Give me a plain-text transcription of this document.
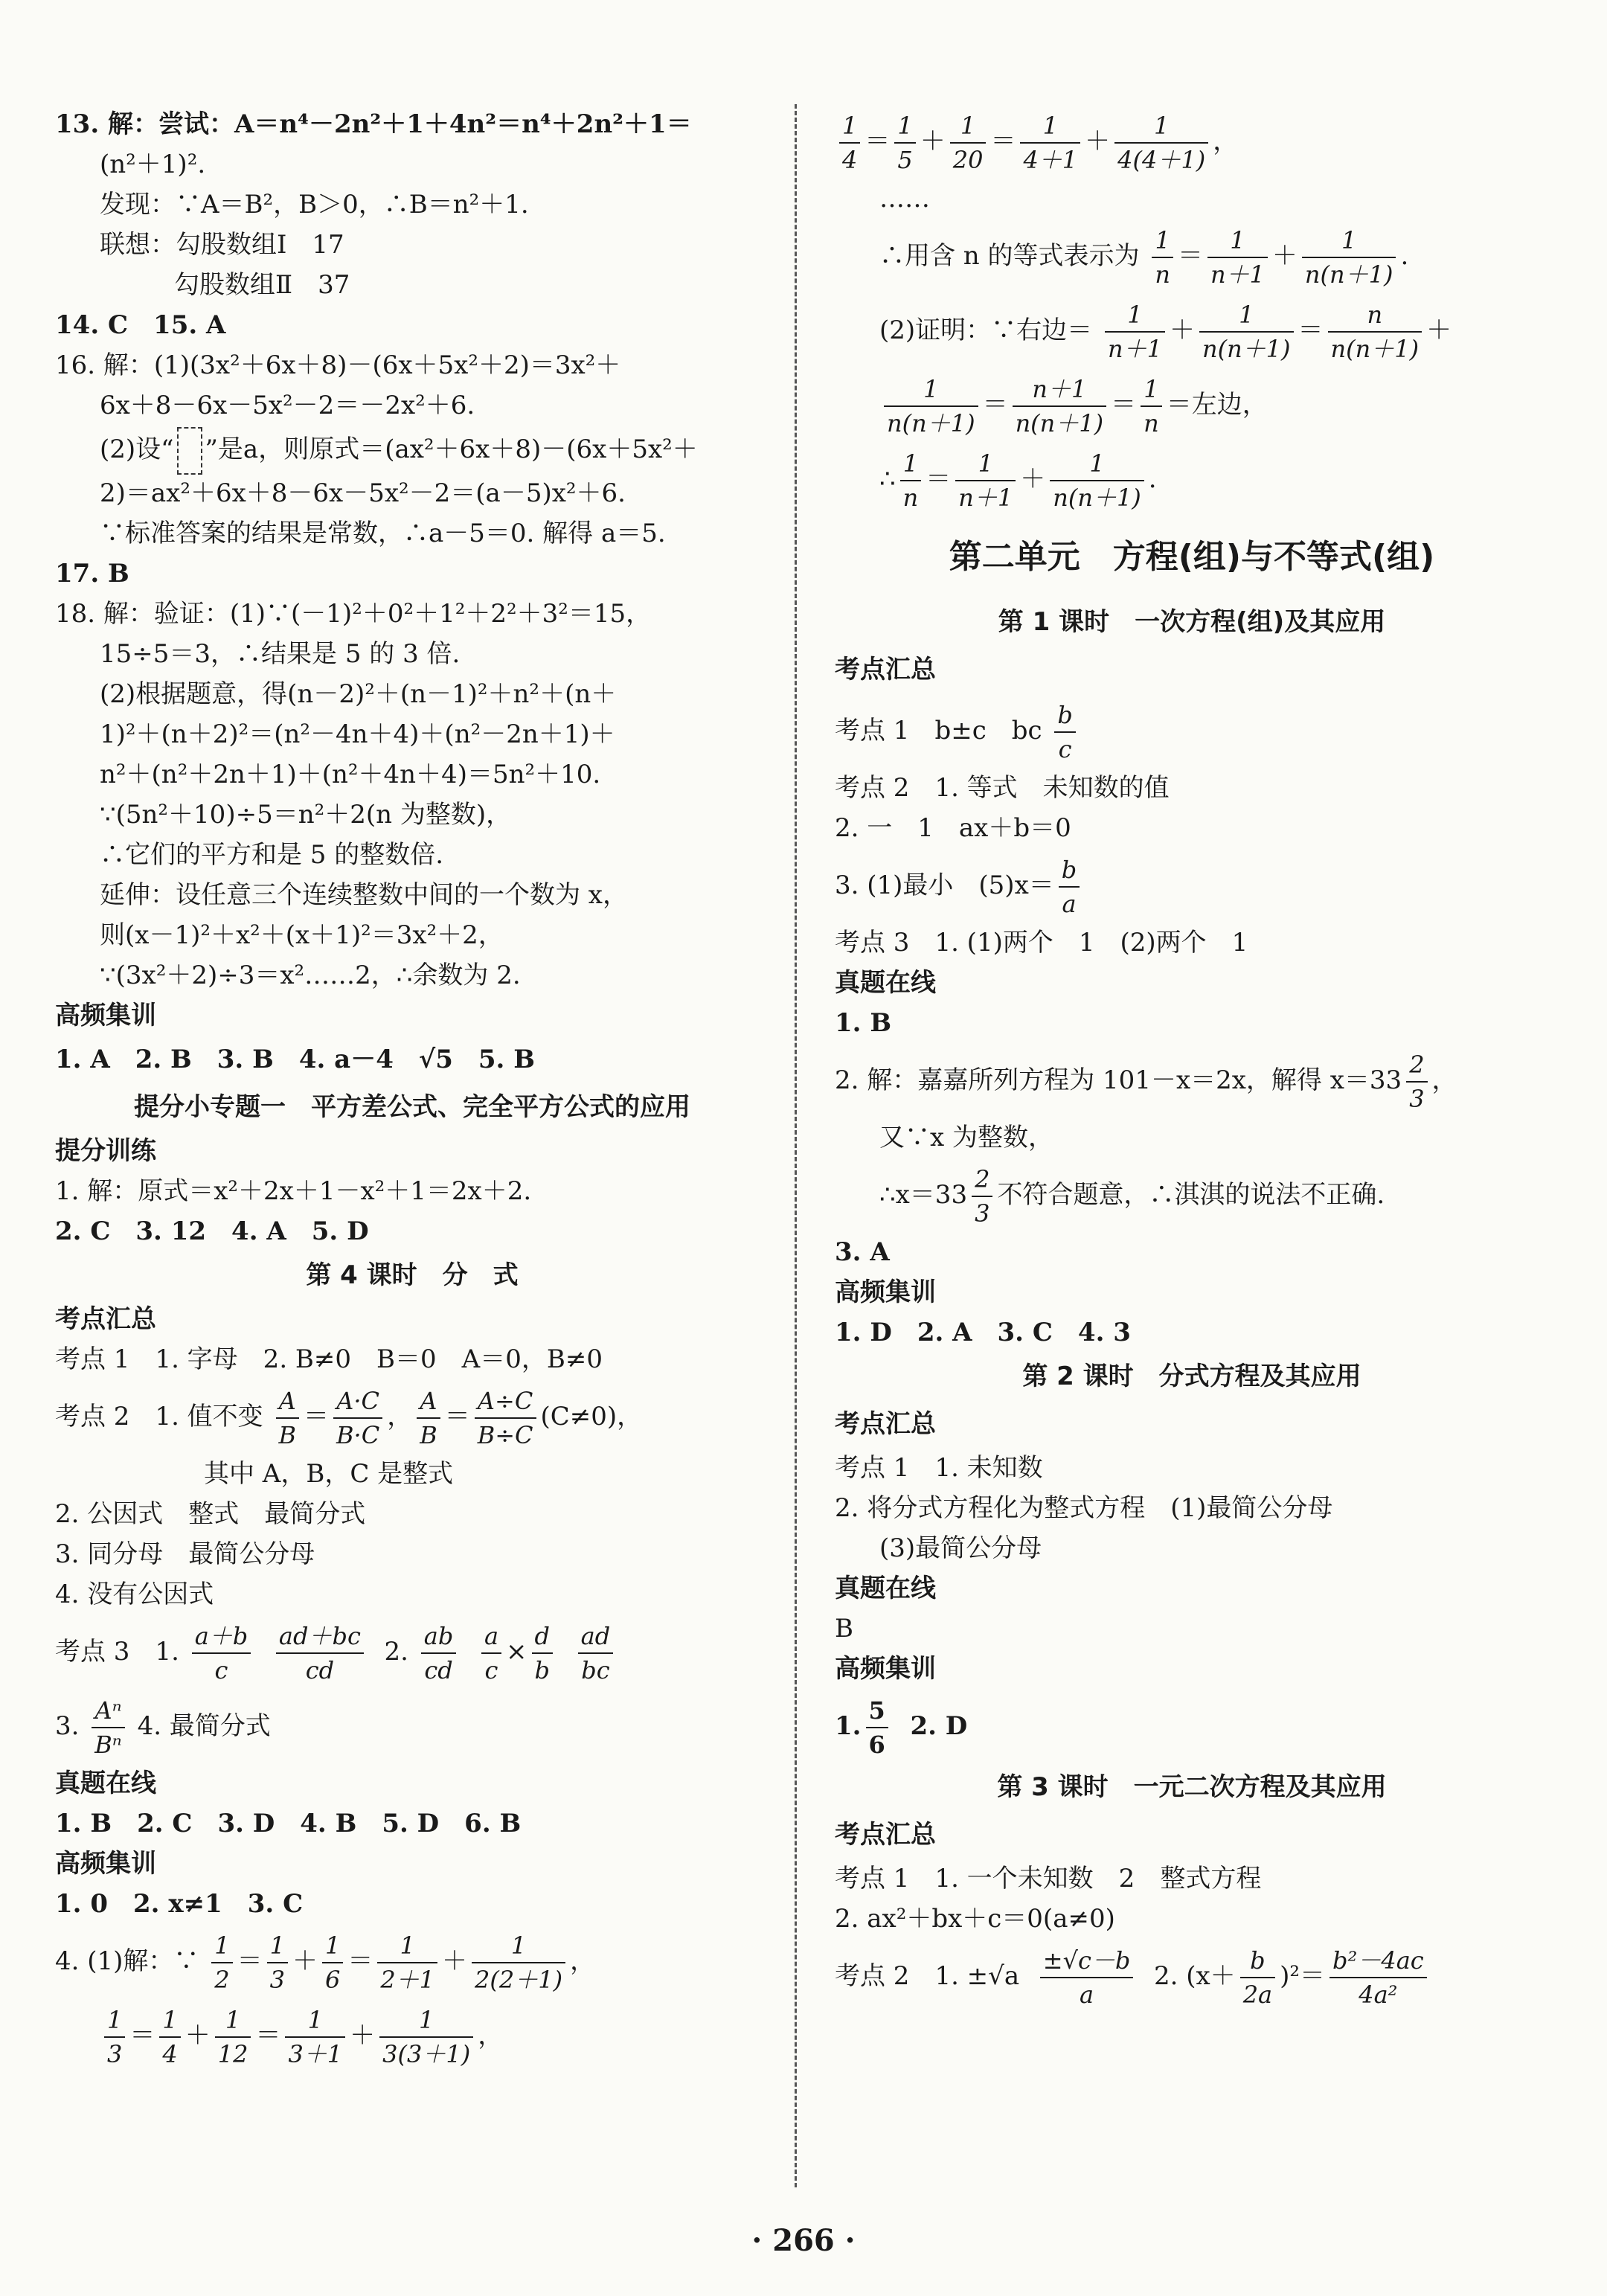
13. 解：尝试：A＝n⁴－2n²＋1＋4n²＝n⁴＋2n²＋1＝
(n²＋1)².
发现：∵A＝B²，B＞0，∴B＝n²＋1.
联想：勾股数组Ⅰ　17
勾股数组Ⅱ　37
14. C　15. A
16. 解：(1)(3x²＋6x＋8)－(6x＋5x²＋2)＝3x²＋
6x＋8－6x－5x²－2＝－2x²＋6.
(2)设“ ”是a，则原式＝(ax²＋6x＋8)－(6x＋5x²＋
2)＝ax²＋6x＋8－6x－5x²－2＝(a－5)x²＋6.
∵标准答案的结果是常数，∴a－5＝0. 解得 a＝5.
17. B
18. 解：验证：(1)∵(－1)²＋0²＋1²＋2²＋3²＝15，
15÷5＝3，∴结果是 5 的 3 倍.
(2)根据题意，得(n－2)²＋(n－1)²＋n²＋(n＋
1)²＋(n＋2)²＝(n²－4n＋4)＋(n²－2n＋1)＋
n²＋(n²＋2n＋1)＋(n²＋4n＋4)＝5n²＋10.
∵(5n²＋10)÷5＝n²＋2(n 为整数)，
∴它们的平方和是 5 的整数倍.
延伸：设任意三个连续整数中间的一个数为 x，
则(x－1)²＋x²＋(x＋1)²＝3x²＋2，
∵(3x²＋2)÷3＝x²……2，∴余数为 2.
高频集训
1. A　2. B　3. B　4. a－4　√5　5. B
提分小专题一　平方差公式、完全平方公式的应用
提分训练
1. 解：原式＝x²＋2x＋1－x²＋1＝2x＋2.
2. C　3. 12　4. A　5. D
第 4 课时　分　式
考点汇总
考点 1　1. 字母　2. B≠0　B＝0　A＝0，B≠0
考点 2　1. 值不变 $\frac{A}{B} = \frac{A\cdot C}{B\cdot C}$ ， $\frac{A}{B} = \frac{A\div C}{B\div C} (C\ne 0)$，
其中 A，B，C 是整式
2. 公因式　整式　最简分式
3. 同分母　最简公分母
4. 没有公因式
考点 3　1. $\frac{a+b}{c}$
$\frac{ad+bc}{cd} 2$. $\frac{ab}{cd}$
$\frac{a}{c} \times \frac{d}{b}$
$\frac{ad}{bc}$
3. $\frac{\text{Aⁿ}}{\text{Bⁿ}} 4$. 最简分式
真题在线
1. B　2. C　3. D　4. B　5. D　6. B
高频集训
1. 0　2. x≠1　3. C
4. (1)解：∵ $\frac{1}{2} = \frac{1}{3} + \frac{1}{6} = \frac{1}{2+1} + \frac{1}{2(2+1)}$ ，
$\frac{1}{3} = \frac{1}{4} + \frac{1}{12} = \frac{1}{3+1} + \frac{1}{3(3+1)}$ ，
$\frac{1}{4} = \frac{1}{5} + \frac{1}{20} = \frac{1}{4+1} + \frac{1}{4(4+1)}$ ，
……
∴用含 n 的等式表示为 $\frac{1}{n} = \frac{1}{n+1} + \frac{1}{n(n+1)}$ .
(2)证明：∵右边＝ $\frac{1}{n+1} + \frac{1}{n(n+1)} = \frac{n}{n(n+1)}$ ＋
$\frac{1}{n(n+1)} = \frac{n+1}{n(n+1)} = \frac{1}{n}$ ＝左边，
∴ $\frac{1}{n} = \frac{1}{n+1} + \frac{1}{n(n+1)}$ .
第二单元　方程(组)与不等式(组)
第 1 课时　一次方程(组)及其应用
考点汇总
考点 1　b±c　bc $\frac{b}{c}$
考点 2　1. 等式　未知数的值
2. 一　1　ax＋b＝0
3. (1)最小　$(5)x= \frac{b}{a}$
考点 3　1. (1)两个　1　(2)两个　1
真题在线
1. B
2. 解：嘉嘉所列方程为 101－x＝2x，解得 $x=33 \frac{2}{3}$ ，
又∵x 为整数，
∴x＝33 $\frac{2}{3}$ 不符合题意，∴淇淇的说法不正确.
3. A
高频集训
1. D　2. A　3. C　4. 3
第 2 课时　分式方程及其应用
考点汇总
考点 1　1. 未知数
2. 将分式方程化为整式方程　(1)最简公分母
(3)最简公分母
真题在线
B
高频集训
1. $\frac{5}{6} 2$. D
第 3 课时　一元二次方程及其应用
考点汇总
考点 1　1. 一个未知数　2　整式方程
2. ax²＋bx＋c＝0(a≠0)
考点 2　1. $\pm√a \frac{\pm√c-b}{a} 2$. $(x+ \frac{b}{2a} )^2= \frac{\text{b²－4ac}}{\text{4a²}}$
· 266 ·
